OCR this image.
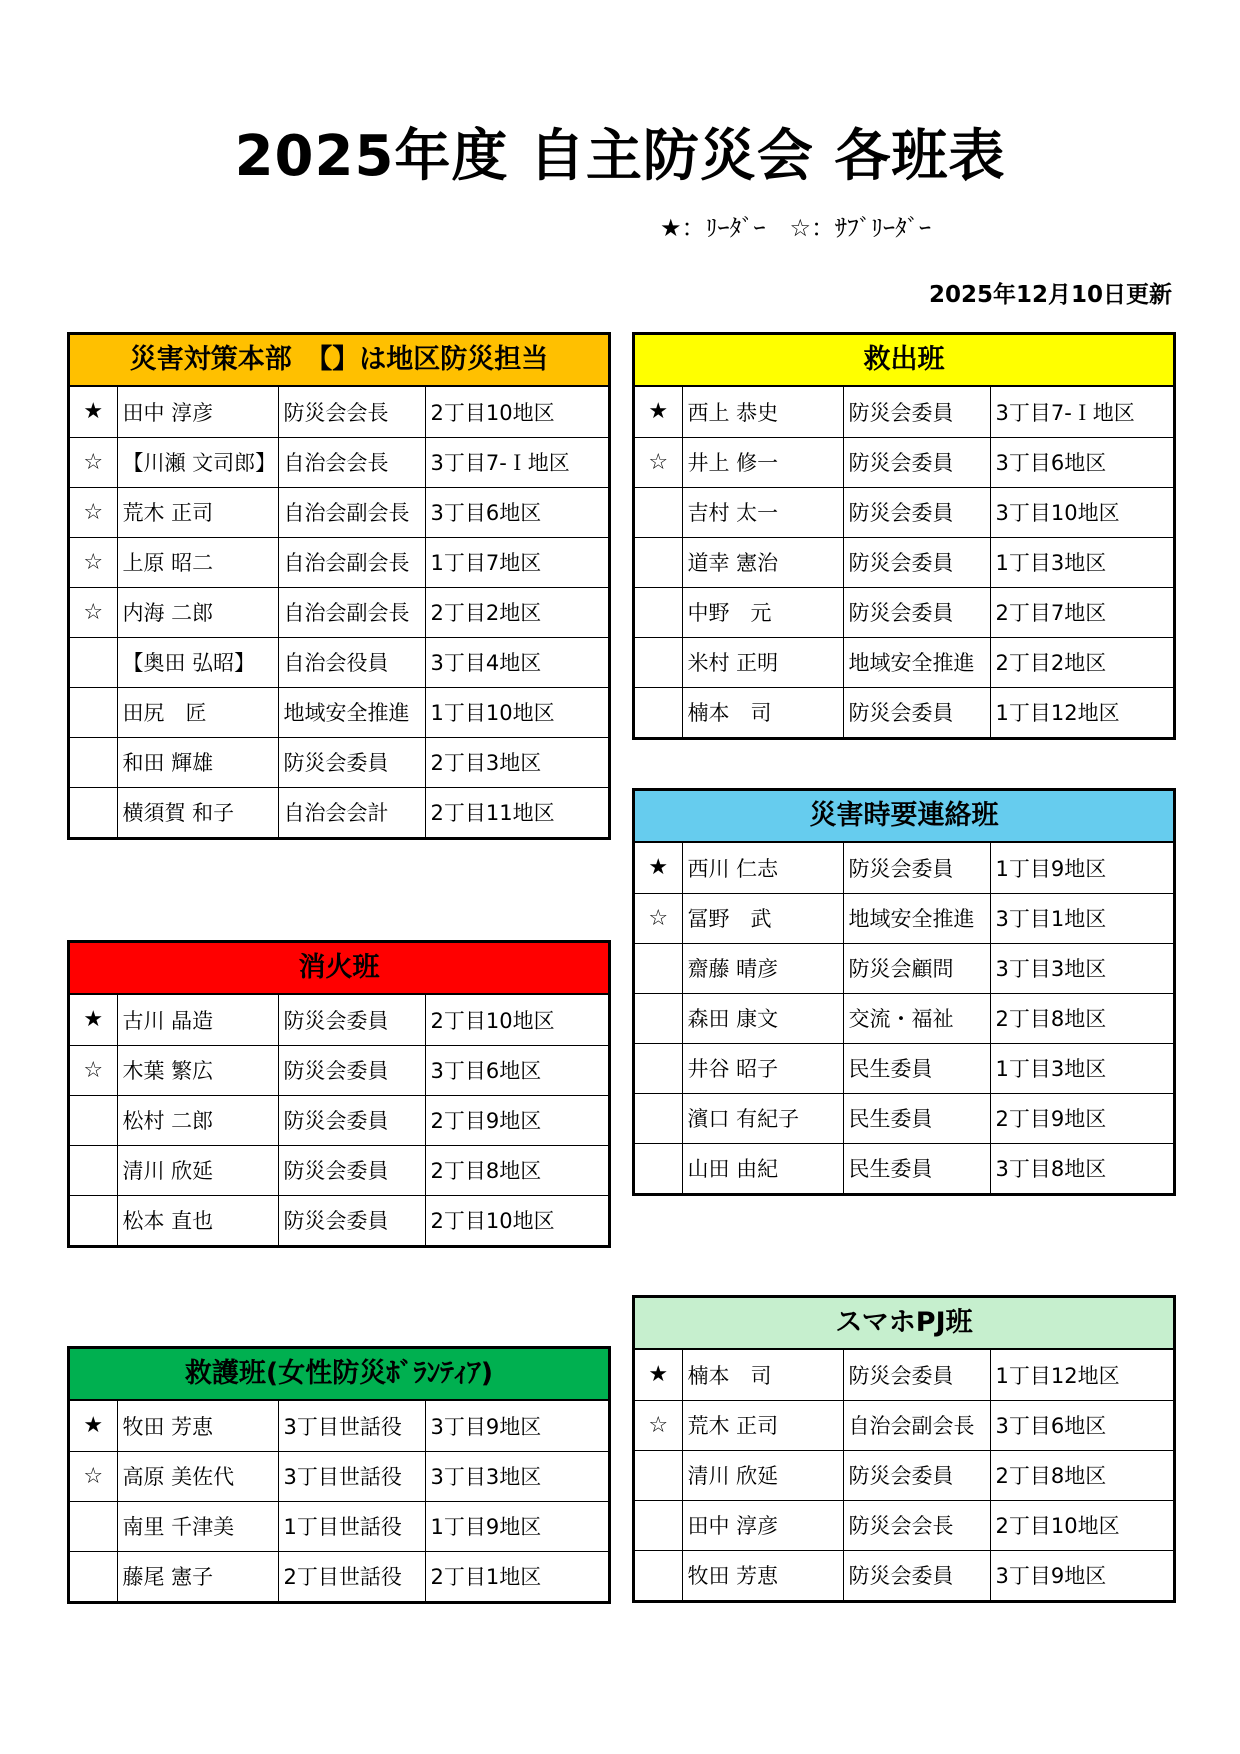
2025年度 自主防災会 各班表
★：ﾘｰﾀﾞｰ　☆：ｻﾌﾞﾘｰﾀﾞｰ
2025年12月10日更新
災害対策本部　【】は地区防災担当
★	田中 淳彦	防災会会長	2丁目10地区
☆	【川瀬 文司郎】	自治会会長	3丁目7-Ｉ地区
☆	荒木 正司	自治会副会長	3丁目6地区
☆	上原 昭二	自治会副会長	1丁目7地区
☆	内海 二郎	自治会副会長	2丁目2地区
	【奥田 弘昭】	自治会役員	3丁目4地区
	田尻　匠	地域安全推進	1丁目10地区
	和田 輝雄	防災会委員	2丁目3地区
	横須賀 和子	自治会会計	2丁目11地区
救出班
★	西上 恭史	防災会委員	3丁目7-Ｉ地区
☆	井上 修一	防災会委員	3丁目6地区
	吉村 太一	防災会委員	3丁目10地区
	道幸 憲治	防災会委員	1丁目3地区
	中野　元	防災会委員	2丁目7地区
	米村 正明	地域安全推進	2丁目2地区
	楠本　司	防災会委員	1丁目12地区
災害時要連絡班
★	西川 仁志	防災会委員	1丁目9地区
☆	冨野　武	地域安全推進	3丁目1地区
	齋藤 晴彦	防災会顧問	3丁目3地区
	森田 康文	交流・福祉	2丁目8地区
	井谷 昭子	民生委員	1丁目3地区
	濱口 有紀子	民生委員	2丁目9地区
	山田 由紀	民生委員	3丁目8地区
消火班
★	古川 晶造	防災会委員	2丁目10地区
☆	木葉 繁広	防災会委員	3丁目6地区
	松村 二郎	防災会委員	2丁目9地区
	清川 欣延	防災会委員	2丁目8地区
	松本 直也	防災会委員	2丁目10地区
スマホPJ班
★	楠本　司	防災会委員	1丁目12地区
☆	荒木 正司	自治会副会長	3丁目6地区
	清川 欣延	防災会委員	2丁目8地区
	田中 淳彦	防災会会長	2丁目10地区
	牧田 芳恵	防災会委員	3丁目9地区
救護班(女性防災ﾎﾞﾗﾝﾃｨｱ)
★	牧田 芳恵	3丁目世話役	3丁目9地区
☆	高原 美佐代	3丁目世話役	3丁目3地区
	南里 千津美	1丁目世話役	1丁目9地区
	藤尾 憲子	2丁目世話役	2丁目1地区
